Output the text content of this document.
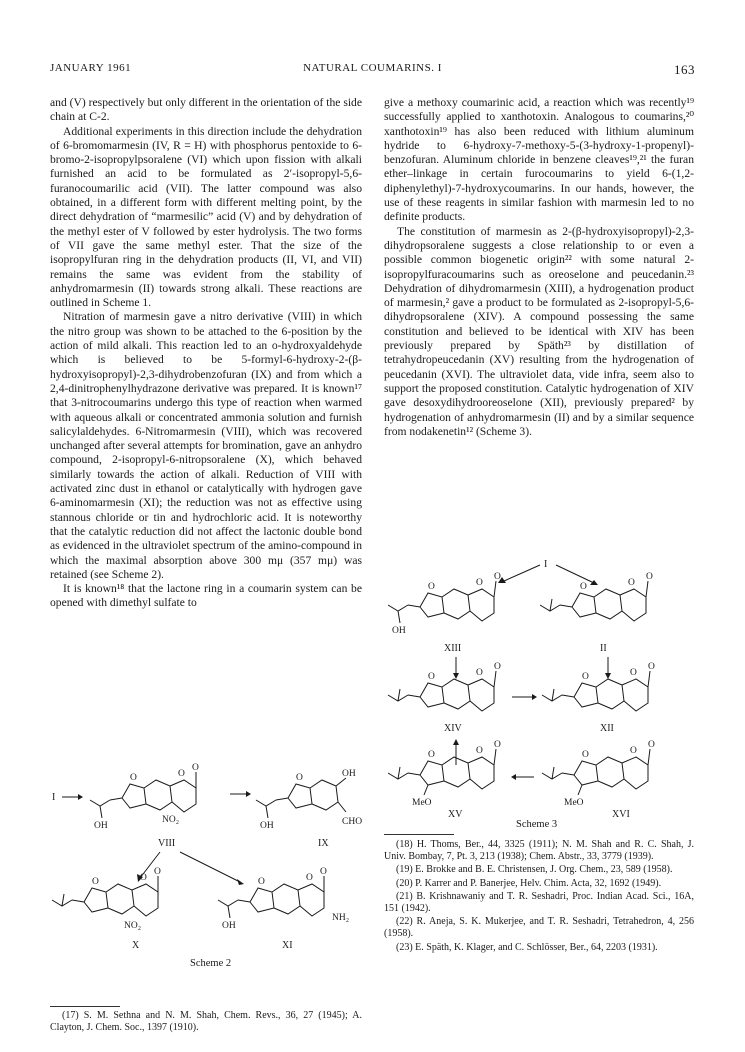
JANUARY 1961	NATURAL COUMARINS. I	163

and (V) respectively but only different in the orientation of the side chain at C-2.

Additional experiments in this direction include the dehydration of 6-bromomarmesin (IV, R = H) with phosphorus pentoxide to 6-bromo-2-isopropylpsoralene (VI) which upon fission with alkali furnished an acid to be formulated as 2′-isopropyl-5,6-furanocoumarilic acid (VII). The latter compound was also obtained, in a different form with different melting point, by the direct dehydration of “marmesilic” acid (V) and by dehydration of the methyl ester of V followed by ester hydrolysis. The two forms of VII gave the same methyl ester. That the size of the isopropylfuran ring in the dehydration products (II, VI, and VII) remains the same was evident from the stability of anhydromarmesin (II) towards strong alkali. These reactions are outlined in Scheme 1.

Nitration of marmesin gave a nitro derivative (VIII) in which the nitro group was shown to be attached to the 6-position by the action of mild alkali. This reaction led to an o-hydroxyaldehyde which is believed to be 5-formyl-6-hydroxy-2-(β-hydroxyisopropyl)-2,3-dihydrobenzofuran (IX) and from which a 2,4-dinitrophenylhydrazone derivative was prepared. It is known¹⁷ that 3-nitrocoumarins undergo this type of reaction when warmed with aqueous alkali or concentrated ammonia solution and furnish salicylaldehydes. 6-Nitromarmesin (VIII), which was recovered unchanged after several attempts for bromination, gave an anhydro compound, 2-isopropyl-6-nitropsoralene (X), which behaved similarly towards the action of alkali. Reduction of VIII with activated zinc dust in ethanol or catalytically with hydrogen gave 6-aminomarmesin (XI); the reduction was not as effective using stannous chloride or tin and hydrochloric acid. It is noteworthy that the catalytic reduction did not affect the lactonic double bond as evidenced in the ultraviolet spectrum of the amino-compound in which the maximal absorption above 300 mμ (357 mμ) was retained (see Scheme 2).

It is known¹⁸ that the lactone ring in a coumarin system can be opened with dimethyl sulfate to

give a methoxy coumarinic acid, a reaction which was recently¹⁹ successfully applied to xanthotoxin. Analogous to coumarins,²⁰ xanthotoxin¹⁹ has also been reduced with lithium aluminum hydride to 6-hydroxy-7-methoxy-5-(3-hydroxy-1-propenyl)-benzofuran. Aluminum chloride in benzene cleaves¹⁹,²¹ the furan ether–linkage in certain furocoumarins to yield 6-(1,2-diphenylethyl)-7-hydroxycoumarins. In our hands, however, the use of these reagents in similar fashion with marmesin led to no definite products.

The constitution of marmesin as 2-(β-hydroxyisopropyl)-2,3-dihydropsoralene suggests a close relationship to or even a possible common biogenetic origin²² with some natural 2-isopropylfuracoumarins such as oreoselone and peucedanin.²³ Dehydration of dihydromarmesin (XIII), a hydrogenation product of marmesin,² gave a product to be formulated as 2-isopropyl-5,6-dihydropsoralene (XIV). A compound possessing the same constitution and believed to be identical with XIV has been previously prepared by Späth²³ by distillation of tetrahydropeucedanin (XV) resulting from the hydrogenation of peucedanin (XVI). The ultraviolet data, vide infra, seem also to support the proposed constitution. Catalytic hydrogenation of XIV gave desoxydihydrooreoselone (XII), previously prepared² by hydrogenation of anhydromarmesin (II) and by a similar sequence from nodakenetin¹² (Scheme 3).

I
O	O
O
OH
NO₂
O	OH
CHO
OH
VIII	IX
O	O
O
NO₂
O	O
O
OH
NH₂
X	XI
Scheme 2

(17) S. M. Sethna and N. M. Shah, Chem. Revs., 36, 27 (1945); A. Clayton, J. Chem. Soc., 1397 (1910).

I
O	O
O
OH
O	O
O
XIII	II
O	O
O
O	O
O
XIV	XII
O	O
O
MeO
O	O
O
MeO
XV	XVI
Scheme 3

(18) H. Thoms, Ber., 44, 3325 (1911); N. M. Shah and R. C. Shah, J. Univ. Bombay, 7, Pt. 3, 213 (1938); Chem. Abstr., 33, 3779 (1939).

(19) E. Brokke and B. E. Christensen, J. Org. Chem., 23, 589 (1958).

(20) P. Karrer and P. Banerjee, Helv. Chim. Acta, 32, 1692 (1949).

(21) B. Krishnawaniy and T. R. Seshadri, Proc. Indian Acad. Sci., 16A, 151 (1942).

(22) R. Aneja, S. K. Mukerjee, and T. R. Seshadri, Tetrahedron, 4, 256 (1958).

(23) E. Späth, K. Klager, and C. Schlösser, Ber., 64, 2203 (1931).
